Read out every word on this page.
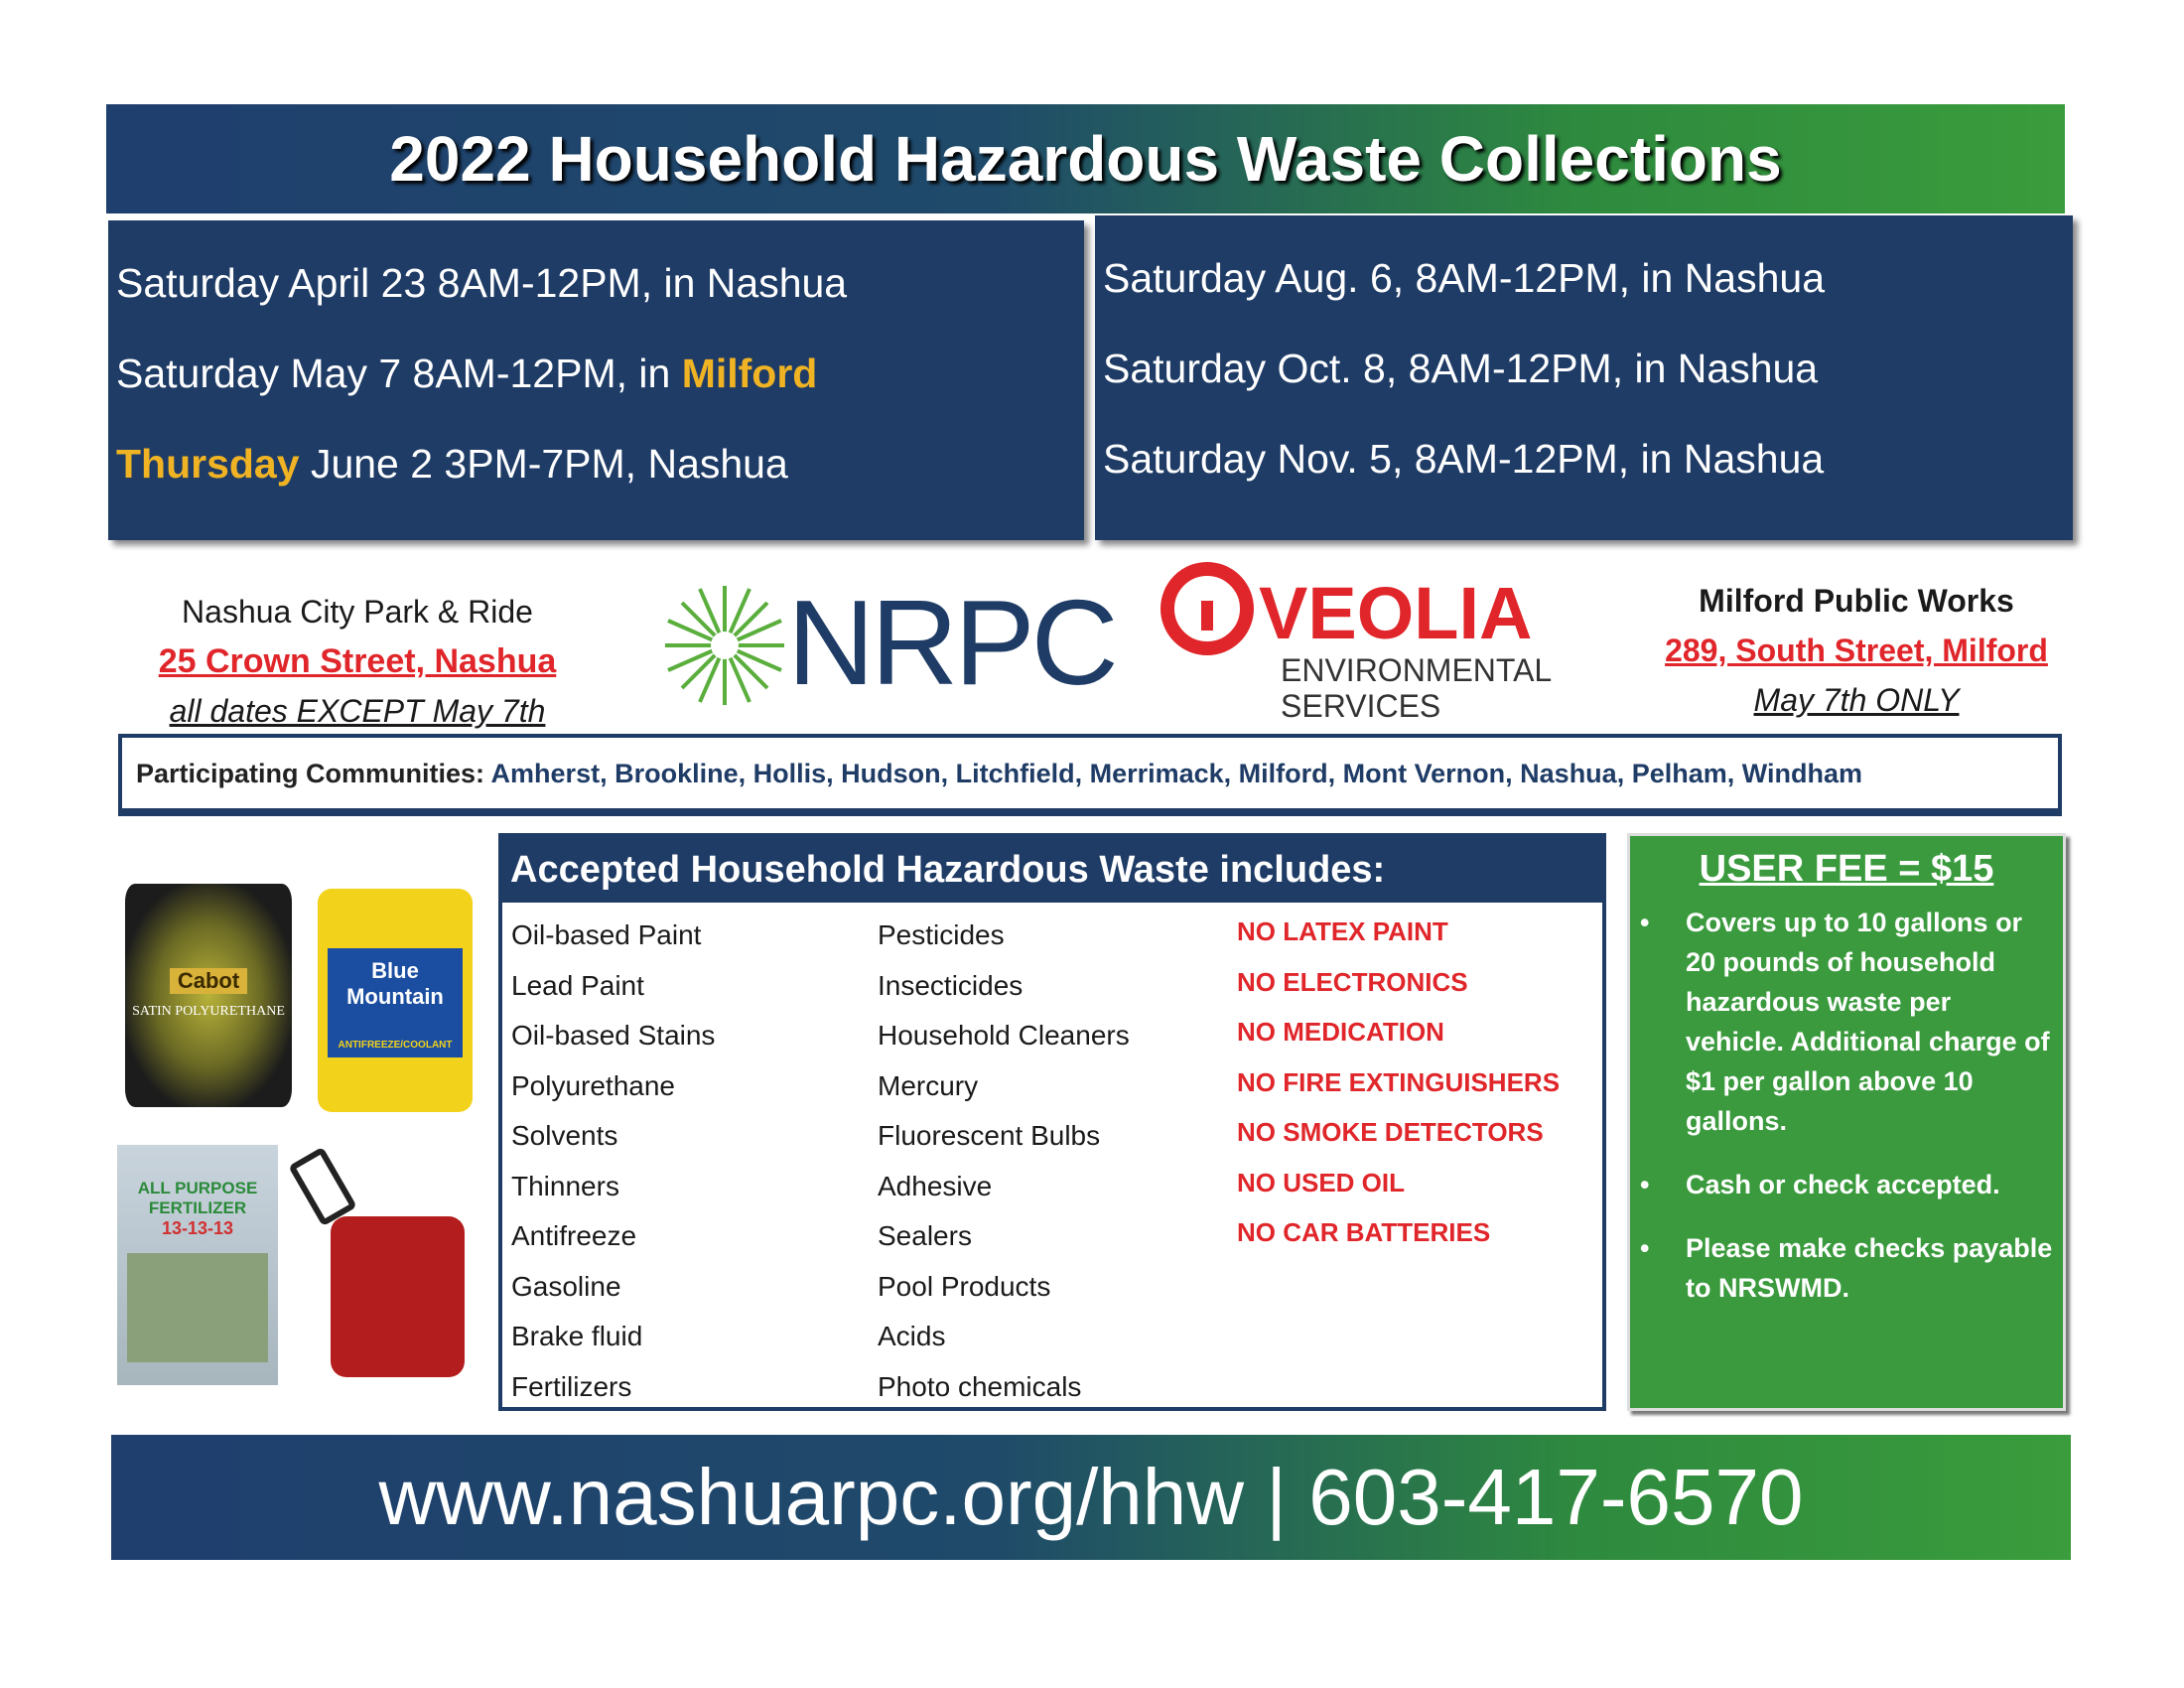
2022 Household Hazardous Waste Collections
Saturday April 23 8AM-12PM, in Nashua
Saturday May 7 8AM-12PM, in Milford
Thursday June 2 3PM-7PM, Nashua
Saturday Aug. 6, 8AM-12PM, in Nashua
Saturday Oct. 8, 8AM-12PM, in Nashua
Saturday Nov. 5, 8AM-12PM, in Nashua
Nashua City Park & Ride
25 Crown Street, Nashua
all dates EXCEPT May 7th
NRPC VEOLIA
ENVIRONMENTAL
SERVICES
Milford Public Works
289, South Street, Milford
May 7th ONLY
Participating Communities: Amherst, Brookline, Hollis, Hudson, Litchfield, Merrimack, Milford, Mont Vernon, Nashua, Pelham, Windham
Cabot
SATIN POLYURETHANE
Blue Mountain
ANTIFREEZE/COOLANT
ALL PURPOSE FERTILIZER
13-13-13
Accepted Household Hazardous Waste includes:
Oil-based Paint
Lead Paint
Oil-based Stains
Polyurethane
Solvents
Thinners
Antifreeze
Gasoline
Brake fluid
Fertilizers
Pesticides
Insecticides
Household Cleaners
Mercury
Fluorescent Bulbs
Adhesive
Sealers
Pool Products
Acids
Photo chemicals
NO LATEX PAINT
NO ELECTRONICS
NO MEDICATION
NO FIRE EXTINGUISHERS
NO SMOKE DETECTORS
NO USED OIL
NO CAR BATTERIES
USER FEE = $15
• Covers up to 10 gallons or 20 pounds of household hazardous waste per vehicle. Additional charge of $1 per gallon above 10 gallons.
• Cash or check accepted.
• Please make checks payable to NRSWMD.
www.nashuarpc.org/hhw | 603-417-6570
